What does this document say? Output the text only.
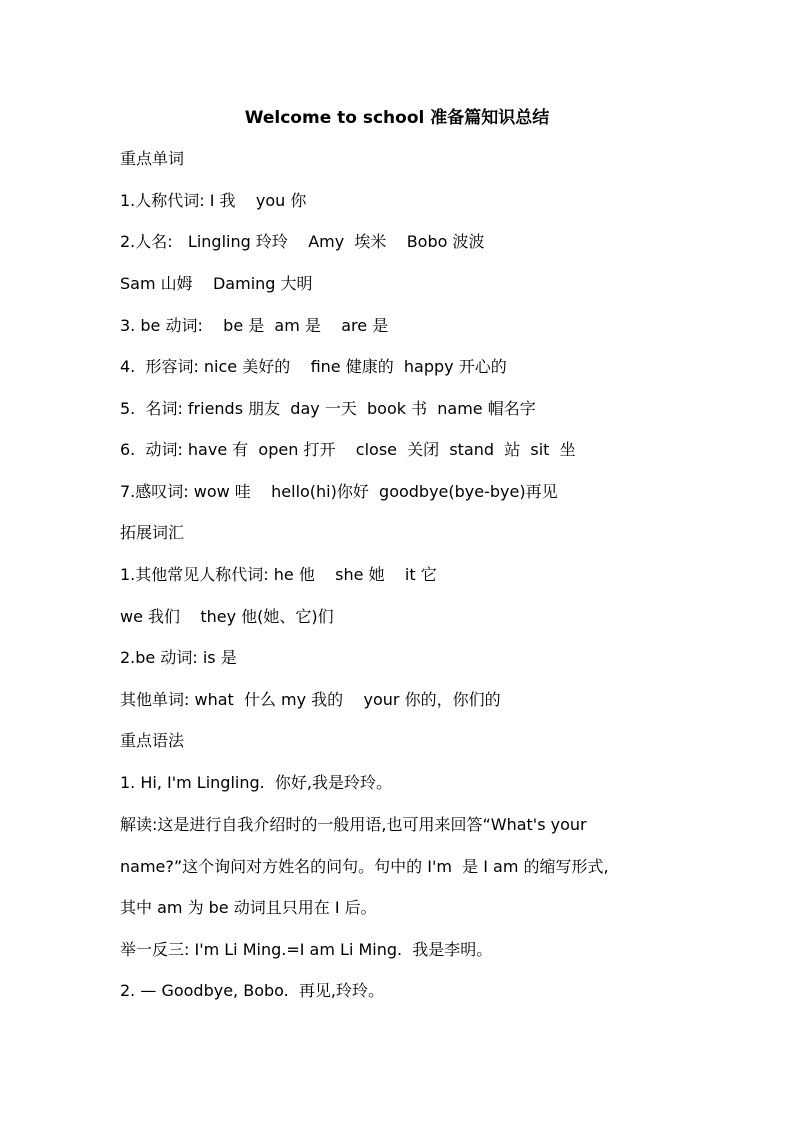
Welcome to school 准备篇知识总结
重点单词
1.人称代词: I 我    you 你
2.人名:   Lingling 玲玲    Amy  埃米    Bobo 波波
Sam 山姆    Daming 大明
3. be 动词:    be 是  am 是    are 是
4.  形容词: nice 美好的    fine 健康的  happy 开心的
5.  名词: friends 朋友  day 一天  book 书  name 帽名字
6.  动词: have 有  open 打开    close  关闭  stand  站  sit  坐
7.感叹词: wow 哇    hello(hi)你好  goodbye(bye-bye)再见
拓展词汇
1.其他常见人称代词: he 他    she 她    it 它
we 我们    they 他(她、它)们
2.be 动词: is 是
其他单词: what  什么 my 我的    your 你的，你们的
重点语法
1. Hi, I'm Lingling.  你好,我是玲玲。
解读:这是进行自我介绍时的一般用语,也可用来回答“What's your
name?”这个询问对方姓名的问句。句中的 I'm  是 I am 的缩写形式,
其中 am 为 be 动词且只用在 I 后。
举一反三: I'm Li Ming.=I am Li Ming.  我是李明。
2. — Goodbye, Bobo.  再见,玲玲。
